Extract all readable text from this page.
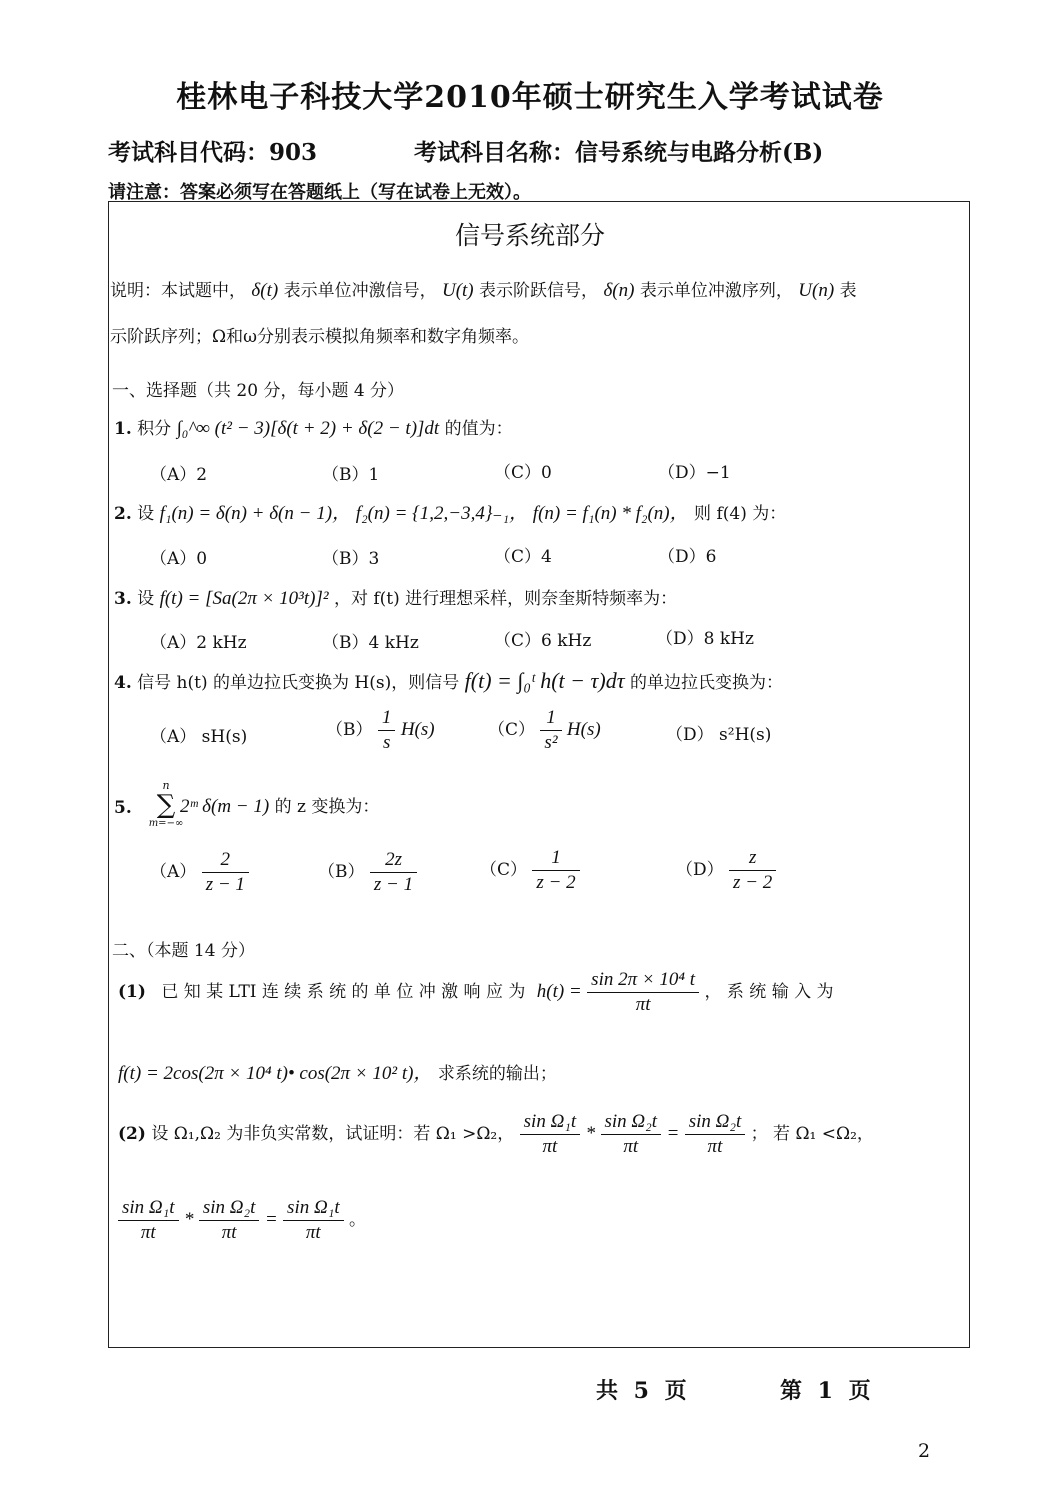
桂林电子科技大学2010年硕士研究生入学考试试卷
考试科目代码：903	考试科目名称：信号系统与电路分析(B)
请注意：答案必须写在答题纸上（写在试卷上无效）。
信号系统部分
说明：本试题中， δ(t) 表示单位冲激信号， U(t) 表示阶跃信号， δ(n) 表示单位冲激序列， U(n) 表
示阶跃序列；Ω和ω分别表示模拟角频率和数字角频率。
一、选择题（共 20 分，每小题 4 分）
1. 积分 ∫₀^∞ (t² − 3)[δ(t + 2) + δ(2 − t)]dt 的值为：
（A）2	（B）1	（C）0	（D）−1
2. 设 f₁(n) = δ(n) + δ(n − 1)， f₂(n) = {1,2,−3,4}₋₁， f(n) = f₁(n) * f₂(n)， 则 f(4) 为：
（A）0	（B）3	（C）4	（D）6
3. 设 f(t) = [Sa(2π × 10³t)]² ，对 f(t) 进行理想采样，则奈奎斯特频率为：
（A）2 kHz	（B）4 kHz	（C）6 kHz	（D）8 kHz
4. 信号 h(t) 的单边拉氏变换为 H(s)，则信号 f(t) = ∫₀ᵗ h(t − τ)dτ 的单边拉氏变换为：
（A） sH(s)	$(B) \frac{1}{s} H(s)$	$(C) \frac{1}{\text{s²}} H(s)$	（D） s²H(s)
5.
n
∑
m=−∞
2ᵐ δ(m − 1) 的 z 变换为：
$(A) \frac{2}{z - 1}$	$(B) \frac{2z}{z - 1}$	$(C) \frac{1}{z - 2}$	$(D) \frac{z}{z - 2}$
二、（本题 14 分）
(1) 已 知 某 LTI 连 续 系 统 的 单 位 冲 激 响 应 为 $h(t) = \frac{\text{sin 2π × 10⁴ t}}{\pi t}$ ， 系 统 输 入 为
f(t) = 2cos(2π × 10⁴ t)• cos(2π × 10² t)， 求系统的输出；
(2) 设 Ω₁,Ω₂ 为非负实常数，试证明：若 Ω₁ >Ω₂， $\frac{\text{sin Ω₁t}}{\pi t} * \frac{\text{sin Ω₂t}}{\pi t} = \frac{\text{sin Ω₂t}}{\pi t}$ ； 若 Ω₁ <Ω₂，
$\frac{\text{sin Ω₁t}}{\pi t} * \frac{\text{sin Ω₂t}}{\pi t} = \frac{\text{sin Ω₁t}}{\pi t}$ 。
共 5 页	第 1 页
2
